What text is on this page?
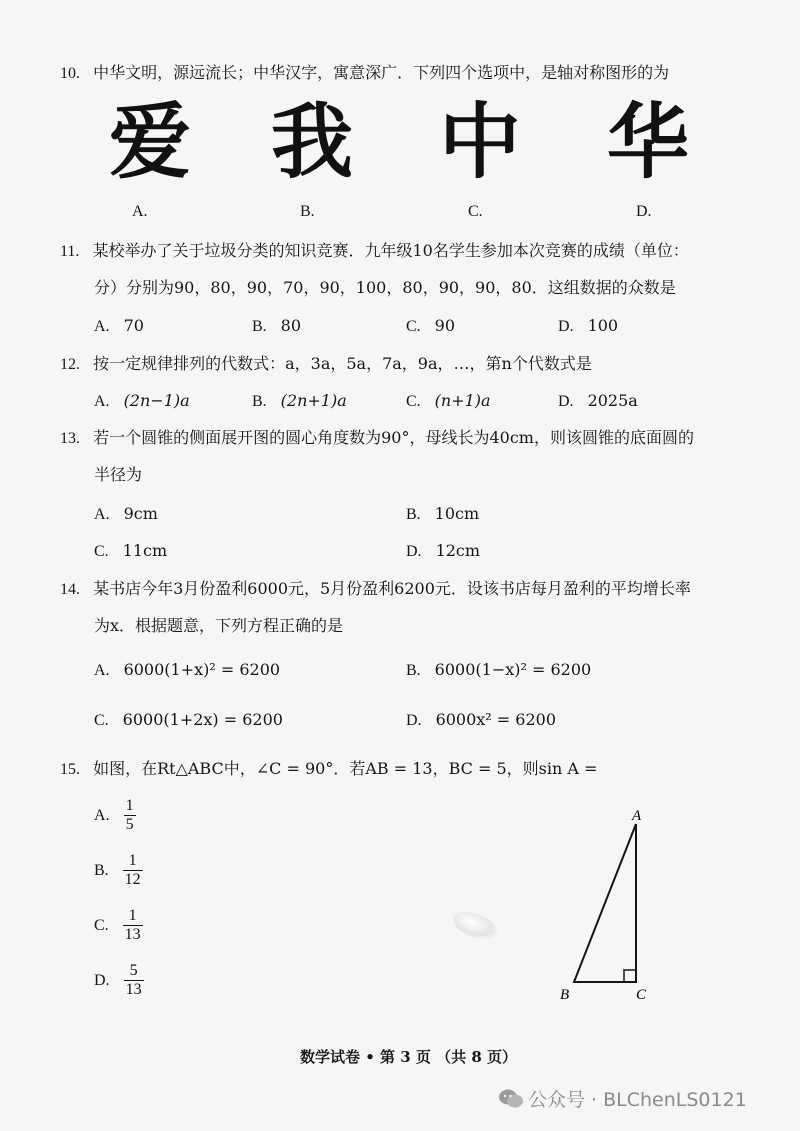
10. 中华文明，源远流长；中华汉字，寓意深广．下列四个选项中，是轴对称图形的为
爱 我 中 华
A.	B.	C.	D.
11. 某校举办了关于垃圾分类的知识竞赛．九年级10名学生参加本次竞赛的成绩（单位：
分）分别为90，80，90，70，90，100，80，90，90，80．这组数据的众数是
A. 70	B. 80	C. 90	D. 100
12. 按一定规律排列的代数式：a，3a，5a，7a，9a，…，第n个代数式是
A. (2n−1)a	B. (2n+1)a	C. (n+1)a	D. 2025a
13. 若一个圆锥的侧面展开图的圆心角度数为90°，母线长为40cm，则该圆锥的底面圆的
半径为
A. 9cm	B. 10cm
C. 11cm	D. 12cm
14. 某书店今年3月份盈利6000元，5月份盈利6200元．设该书店每月盈利的平均增长率
为x．根据题意，下列方程正确的是
A. 6000(1+x)² = 6200	B. 6000(1−x)² = 6200
C. 6000(1+2x) = 6200	D. 6000x² = 6200
15. 如图，在Rt△ABC中，∠C = 90°．若AB = 13，BC = 5，则sin A =
A. $\frac{1}{5}$
B. $\frac{1}{12}$
C. $\frac{1}{13}$
D. $\frac{5}{13}$
A
B	C
数学试卷 • 第 3 页 （共 8 页）
公众号 · BLChenLS0121
